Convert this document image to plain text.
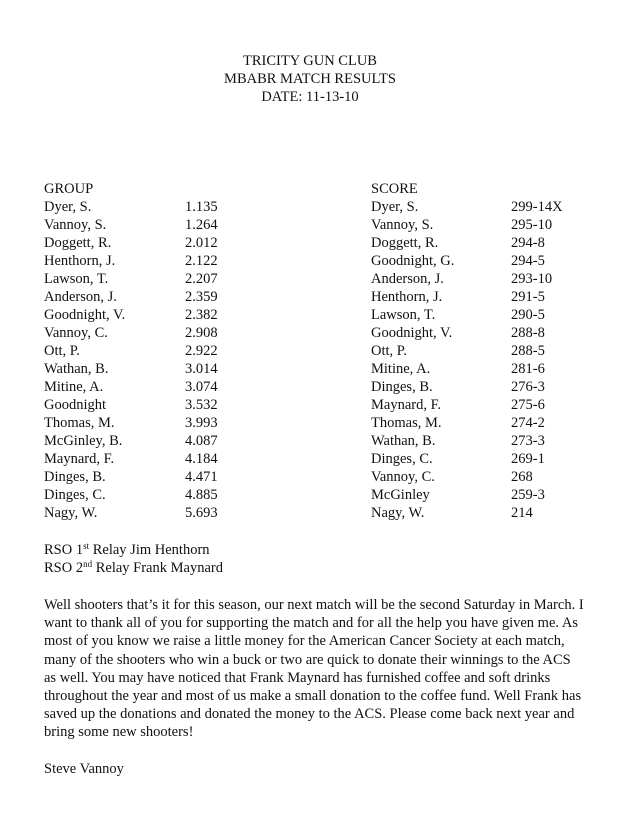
TRICITY GUN CLUB
MBABR MATCH RESULTS
DATE: 11-13-10
GROUP
Dyer, S.	1.135
Vannoy, S.	1.264
Doggett, R.	2.012
Henthorn, J.	2.122
Lawson, T.	2.207
Anderson, J.	2.359
Goodnight, V.	2.382
Vannoy, C.	2.908
Ott, P.	2.922
Wathan, B.	3.014
Mitine, A.	3.074
Goodnight	3.532
Thomas, M.	3.993
McGinley, B.	4.087
Maynard, F.	4.184
Dinges, B.	4.471
Dinges, C.	4.885
Nagy, W.	5.693
SCORE
Dyer, S.	299-14X
Vannoy, S.	295-10
Doggett, R.	294-8
Goodnight, G.	294-5
Anderson, J.	293-10
Henthorn, J.	291-5
Lawson, T.	290-5
Goodnight, V.	288-8
Ott, P.	288-5
Mitine, A.	281-6
Dinges, B.	276-3
Maynard, F.	275-6
Thomas, M.	274-2
Wathan, B.	273-3
Dinges, C.	269-1
Vannoy, C.	268
McGinley	259-3
Nagy, W.	214
RSO 1st Relay Jim Henthorn
RSO 2nd Relay Frank Maynard

Well shooters that’s it for this season, our next match will be the second Saturday in March. I want to thank all of you for supporting the match and for all the help you have given me. As most of you know we raise a little money for the American Cancer Society at each match, many of the shooters who win a buck or two are quick to donate their winnings to the ACS as well. You may have noticed that Frank Maynard has furnished coffee and soft drinks throughout the year and most of us make a small donation to the coffee fund. Well Frank has saved up the donations and donated the money to the ACS. Please come back next year and bring some new shooters!

Steve Vannoy
